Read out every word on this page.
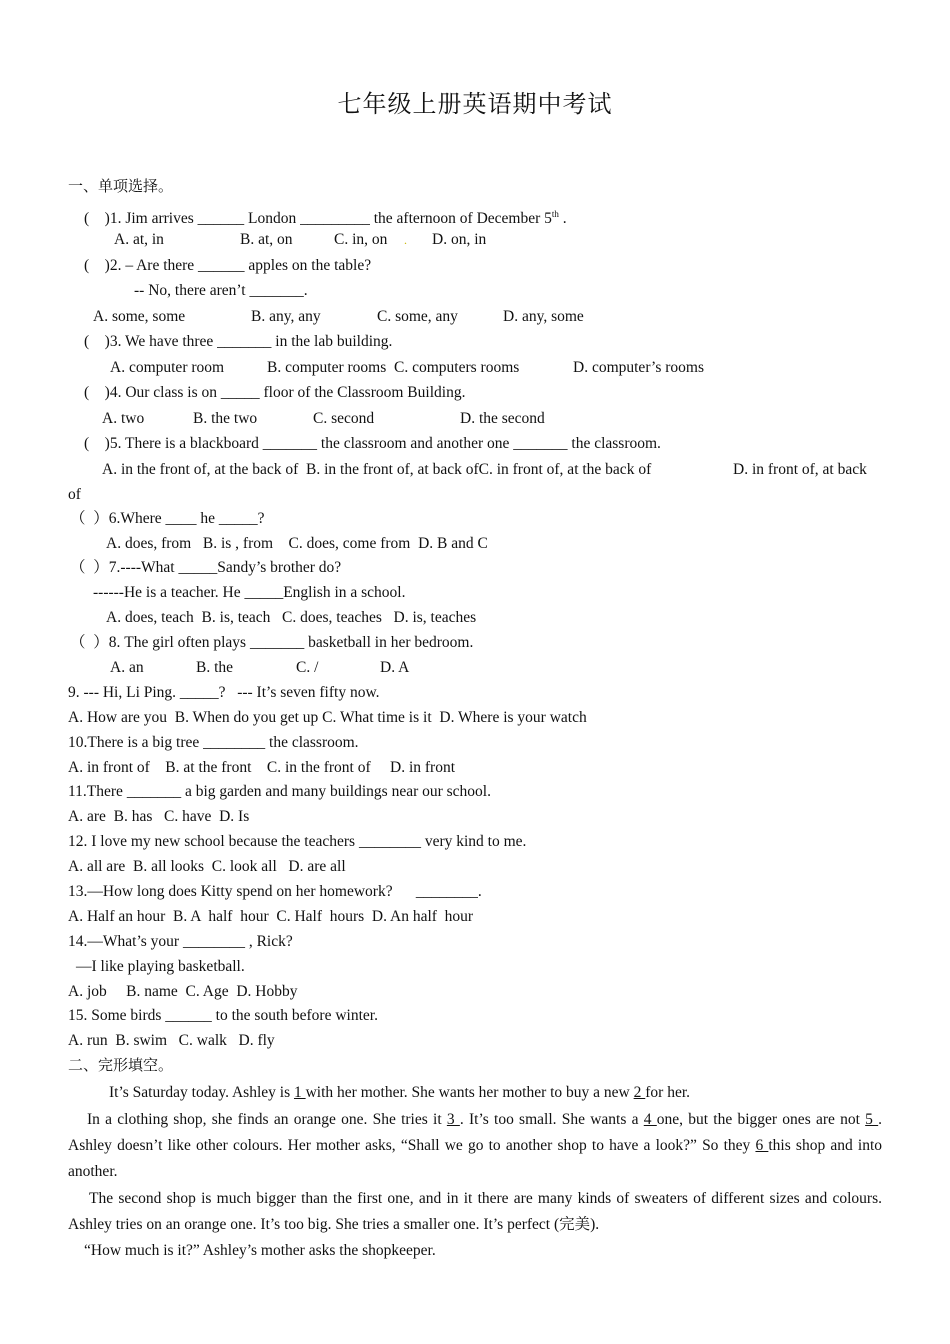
七年级上册英语期中考试
一、单项选择。
(    )1. Jim arrives ______ London _________ the afternoon of December 5th .
A. at, in	B. at, on	C. in, on . D. on, in
(    )2. – Are there ______ apples on the table?
-- No, there aren’t _______.
A. some, some	B. any, any	C. some, any	D. any, some
(    )3. We have three _______ in the lab building.
A. computer room	B. computer rooms  C. computers rooms	D. computer’s rooms
(    )4. Our class is on _____ floor of the Classroom Building.
A. two	B. the two	C. second	D. the second
(    )5. There is a blackboard _______ the classroom and another one _______ the classroom.
A. in the front of, at the back of  B. in the front of, at back ofC. in front of, at the back of	D. in front of, at back
of
（  ）6.Where ____ he _____?
A. does, from   B. is , from    C. does, come from  D. B and C
（  ）7.----What _____Sandy’s brother do?
------He is a teacher. He _____English in a school.
A. does, teach  B. is, teach   C. does, teaches   D. is, teaches
（  ）8. The girl often plays _______ basketball in her bedroom.
A. an	B. the	C. /	D. A
9. --- Hi, Li Ping. _____?   --- It’s seven fifty now.
A. How are you  B. When do you get up C. What time is it  D. Where is your watch
10.There is a big tree ________ the classroom.
A. in front of    B. at the front    C. in the front of     D. in front
11.There _______ a big garden and many buildings near our school.
A. are  B. has   C. have  D. Is
12. I love my new school because the teachers ________ very kind to me.
A. all are  B. all looks  C. look all   D. are all
13.—How long does Kitty spend on her homework?      ________.
A. Half an hour  B. A  half  hour  C. Half  hours  D. An half  hour
14.—What’s your ________ , Rick?
—I like playing basketball.
A. job     B. name  C. Age  D. Hobby
15. Some birds ______ to the south before winter.
A. run  B. swim   C. walk   D. fly
二、完形填空。
It’s Saturday today. Ashley is 1 with her mother. She wants her mother to buy a new 2 for her.
In a clothing shop, she finds an orange one. She tries it 3 . It’s too small. She wants a 4 one, but the bigger ones are not 5 . Ashley doesn’t like other colours. Her mother asks, “Shall we go to another shop to have a look?” So they 6 this shop and into another.
The second shop is much bigger than the first one, and in it there are many kinds of sweaters of different sizes and colours. Ashley tries on an orange one. It’s too big. She tries a smaller one. It’s perfect (完美).
“How much is it?” Ashley’s mother asks the shopkeeper.
